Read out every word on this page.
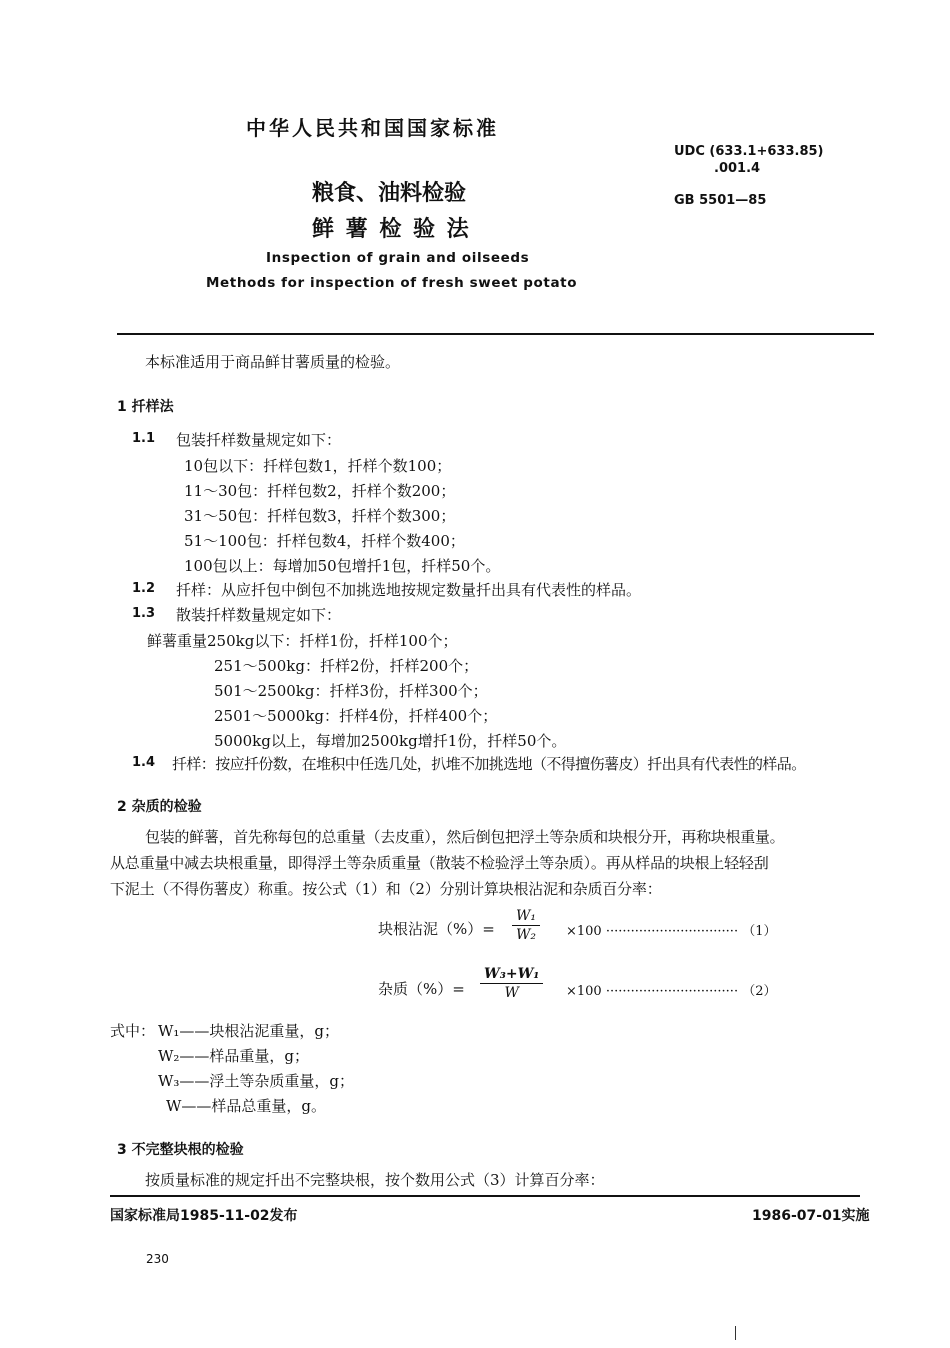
中华人民共和国国家标准
UDC (633.1+633.85)
.001.4
GB 5501—85
粮食、油料检验
鲜 薯 检 验 法
Inspection of grain and oilseeds
Methods for inspection of fresh sweet potato
本标准适用于商品鲜甘薯质量的检验。
1 扦样法
1.1 包装扦样数量规定如下：
10包以下：扦样包数1，扦样个数100；
11～30包：扦样包数2，扦样个数200；
31～50包：扦样包数3，扦样个数300；
51～100包：扦样包数4，扦样个数400；
100包以上：每增加50包增扦1包，扦样50个。
1.2 扦样：从应扦包中倒包不加挑选地按规定数量扦出具有代表性的样品。
1.3 散装扦样数量规定如下：
鲜薯重量250kg以下：扦样1份，扦样100个；
251～500kg：扦样2份，扦样200个；
501～2500kg：扦样3份，扦样300个；
2501～5000kg：扦样4份，扦样400个；
5000kg以上，每增加2500kg增扦1份，扦样50个。
1.4 扦样：按应扦份数，在堆积中任选几处，扒堆不加挑选地（不得擅伤薯皮）扦出具有代表性的样品。
2 杂质的检验
包装的鲜薯，首先称每包的总重量（去皮重），然后倒包把浮土等杂质和块根分开，再称块根重量。
从总重量中减去块根重量，即得浮土等杂质重量（散装不检验浮土等杂质）。再从样品的块根上轻轻刮
下泥土（不得伤薯皮）称重。按公式（1）和（2）分别计算块根沾泥和杂质百分率：
块根沾泥（%）= $\frac{\text{W₁}}{\text{W₂}} \times 100$ ································ （1）
杂质（%）= $\frac{\text{W₃+W₁}}{W} \times 100$ ································ （2）
式中： W₁——块根沾泥重量，g；
W₂——样品重量，g；
W₃——浮土等杂质重量，g；
W——样品总重量，g。
3 不完整块根的检验
按质量标准的规定扦出不完整块根，按个数用公式（3）计算百分率：
国家标准局1985-11-02发布	1986-07-01实施
230
